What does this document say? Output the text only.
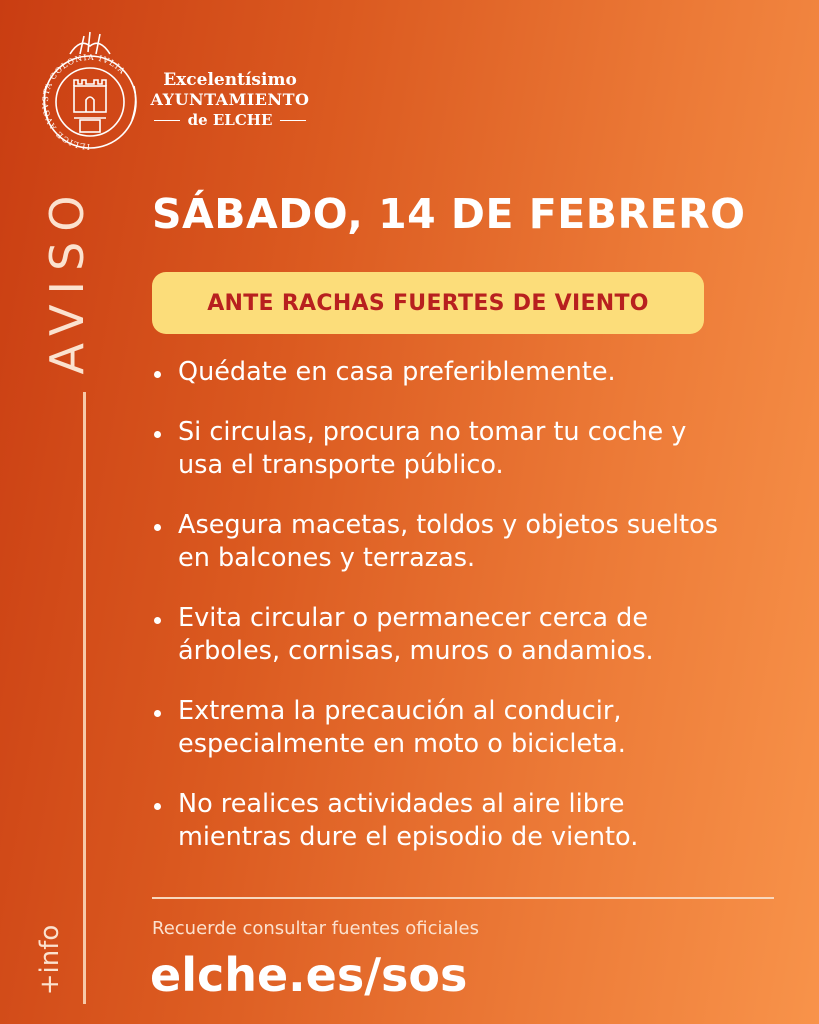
ILLICE AVGVSTA COLONIA IVLIA	Excelentísimo
AYUNTAMIENTO
de ELCHE
AVISO
+info
SÁBADO, 14 DE FEBRERO
ANTE RACHAS FUERTES DE VIENTO
Quédate en casa preferiblemente.
Si circulas, procura no tomar tu coche y
usa el transporte público.
Asegura macetas, toldos y objetos sueltos
en balcones y terrazas.
Evita circular o permanecer cerca de
árboles, cornisas, muros o andamios.
Extrema la precaución al conducir,
especialmente en moto o bicicleta.
No realices actividades al aire libre
mientras dure el episodio de viento.
Recuerde consultar fuentes oficiales
elche.es/sos
